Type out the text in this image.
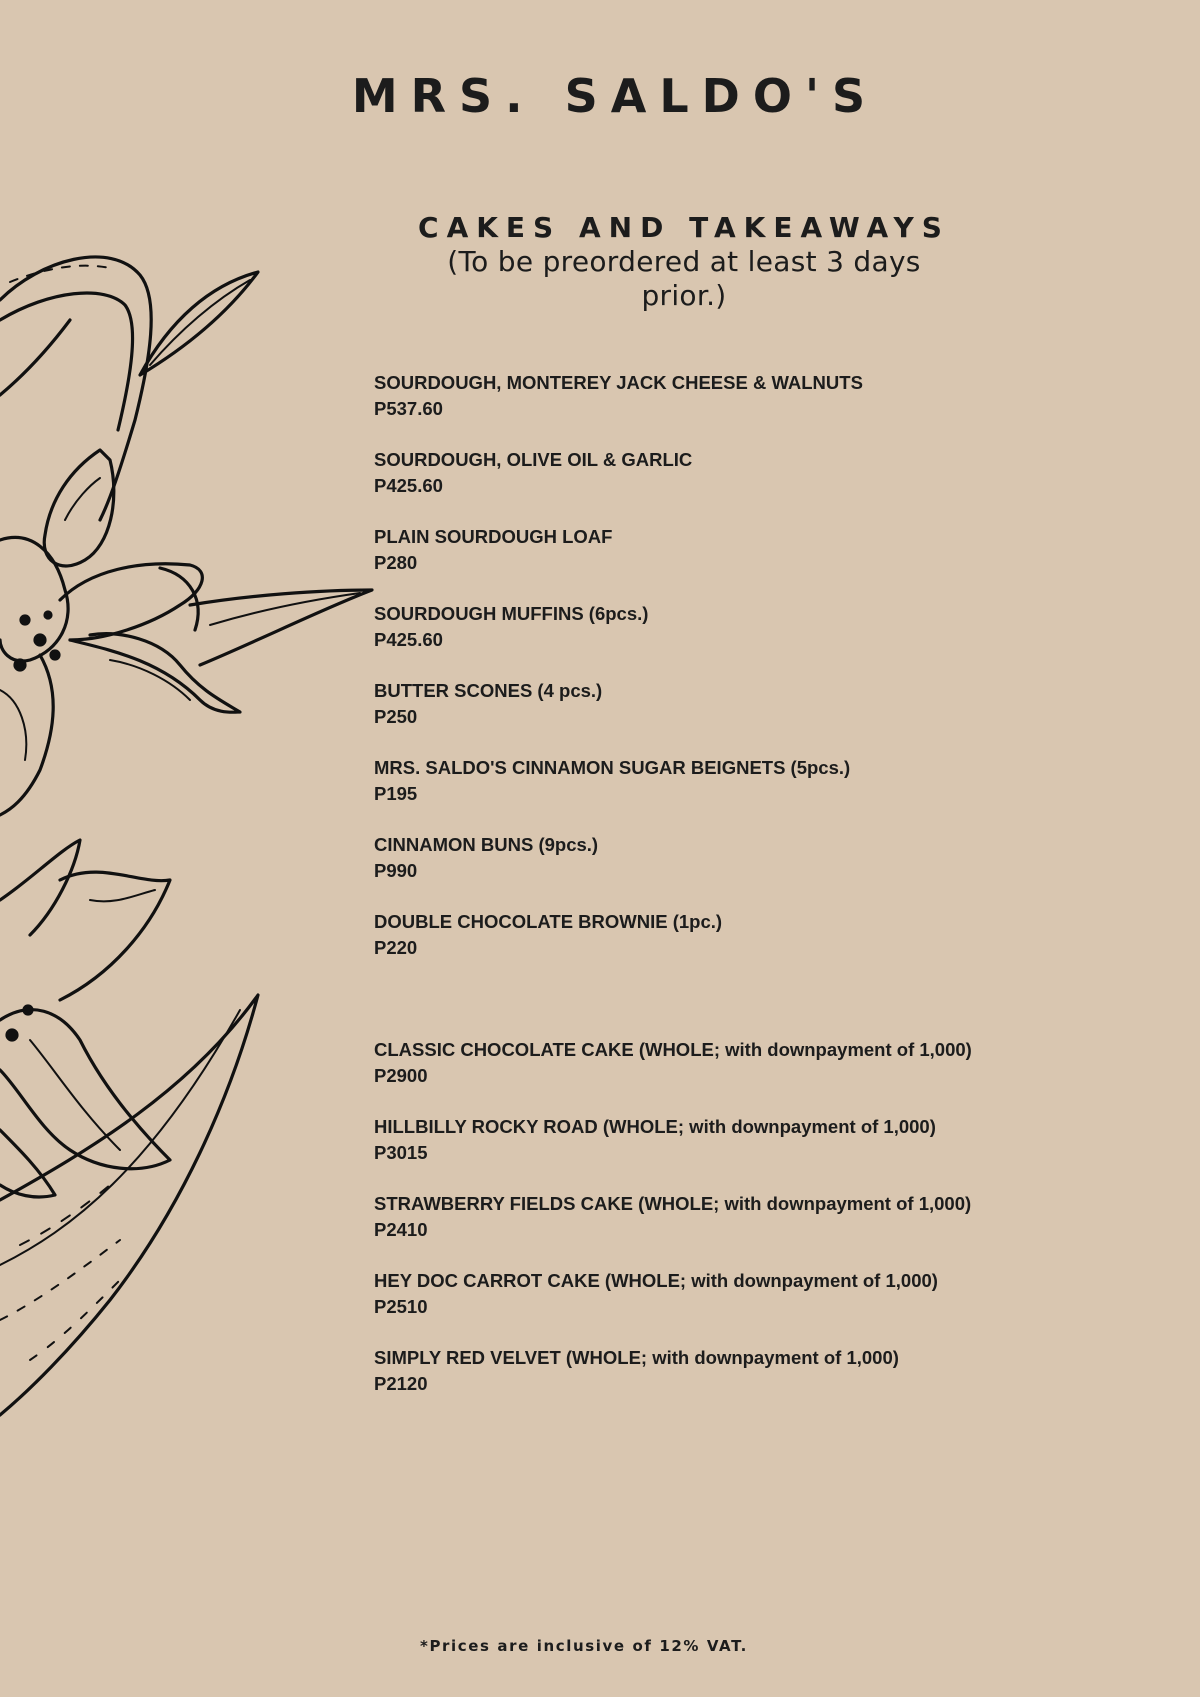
MRS. SALDO'S
CAKES AND TAKEAWAYS

(To be preordered at least 3 days prior.)

SOURDOUGH, MONTEREY JACK CHEESE & WALNUTS
P537.60
SOURDOUGH, OLIVE OIL & GARLIC
P425.60
PLAIN SOURDOUGH LOAF
P280
SOURDOUGH MUFFINS (6pcs.)
P425.60
BUTTER SCONES (4 pcs.)
P250
MRS. SALDO'S CINNAMON SUGAR BEIGNETS (5pcs.)
P195
CINNAMON BUNS (9pcs.)
P990
DOUBLE CHOCOLATE BROWNIE (1pc.)
P220
CLASSIC CHOCOLATE CAKE (WHOLE; with downpayment of 1,000)
P2900
HILLBILLY ROCKY ROAD (WHOLE; with downpayment of 1,000)
P3015
STRAWBERRY FIELDS CAKE (WHOLE; with downpayment of 1,000)
P2410
HEY DOC CARROT CAKE (WHOLE; with downpayment of 1,000)
P2510
SIMPLY RED VELVET (WHOLE; with downpayment of 1,000)
P2120
*Prices are inclusive of 12% VAT.
